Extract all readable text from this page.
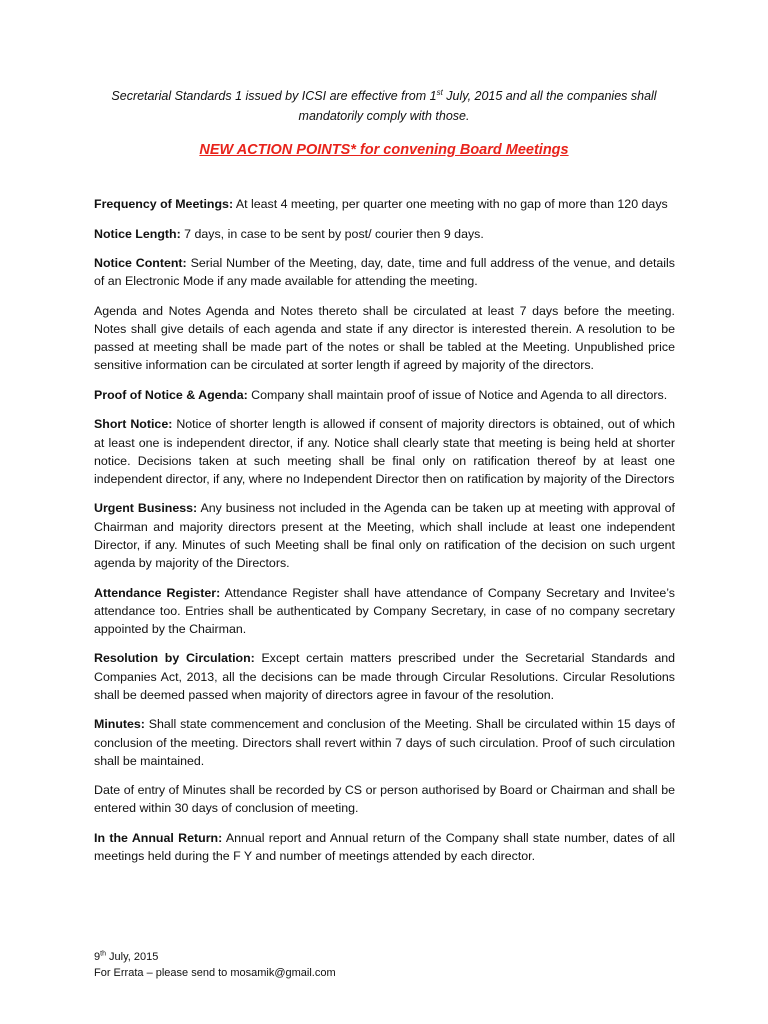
Secretarial Standards 1 issued by ICSI are effective from 1st July, 2015 and all the companies shall mandatorily comply with those.
NEW ACTION POINTS* for convening Board Meetings

Frequency of Meetings: At least 4 meeting, per quarter one meeting with no gap of more than 120 days

Notice Length: 7 days, in case to be sent by post/ courier then 9 days.

Notice Content: Serial Number of the Meeting, day, date, time and full address of the venue, and details of an Electronic Mode if any made available for attending the meeting.

Agenda and Notes Agenda and Notes thereto shall be circulated at least 7 days before the meeting. Notes shall give details of each agenda and state if any director is interested therein. A resolution to be passed at meeting shall be made part of the notes or shall be tabled at the Meeting. Unpublished price sensitive information can be circulated at sorter length if agreed by majority of the directors.

Proof of Notice & Agenda: Company shall maintain proof of issue of Notice and Agenda to all directors.

Short Notice: Notice of shorter length is allowed if consent of majority directors is obtained, out of which at least one is independent director, if any. Notice shall clearly state that meeting is being held at shorter notice. Decisions taken at such meeting shall be final only on ratification thereof by at least one independent director, if any, where no Independent Director then on ratification by majority of the Directors

Urgent Business: Any business not included in the Agenda can be taken up at meeting with approval of Chairman and majority directors present at the Meeting, which shall include at least one independent Director, if any. Minutes of such Meeting shall be final only on ratification of the decision on such urgent agenda by majority of the Directors.

Attendance Register: Attendance Register shall have attendance of Company Secretary and Invitee’s attendance too. Entries shall be authenticated by Company Secretary, in case of no company secretary appointed by the Chairman.

Resolution by Circulation: Except certain matters prescribed under the Secretarial Standards and Companies Act, 2013, all the decisions can be made through Circular Resolutions. Circular Resolutions shall be deemed passed when majority of directors agree in favour of the resolution.

Minutes: Shall state commencement and conclusion of the Meeting. Shall be circulated within 15 days of conclusion of the meeting. Directors shall revert within 7 days of such circulation. Proof of such circulation shall be maintained.

Date of entry of Minutes shall be recorded by CS or person authorised by Board or Chairman and shall be entered within 30 days of conclusion of meeting.

In the Annual Return: Annual report and Annual return of the Company shall state number, dates of all meetings held during the F Y and number of meetings attended by each director.

9th July, 2015
For Errata – please send to mosamik@gmail.com
